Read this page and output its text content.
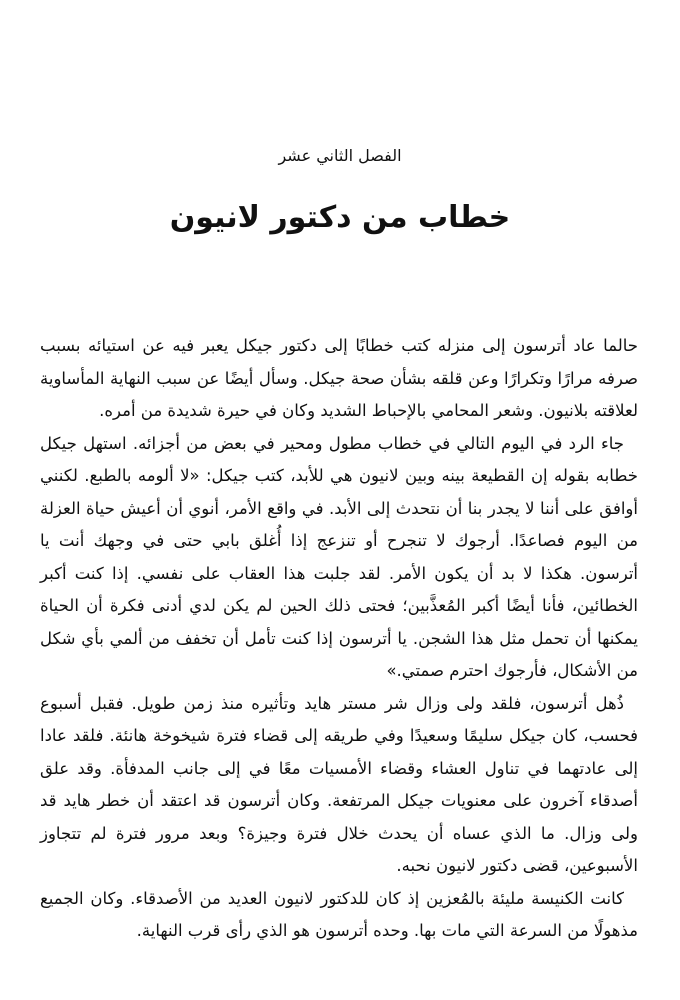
الفصل الثاني عشر
خطاب من دكتور لانيون

حالما عاد أترسون إلى منزله كتب خطابًا إلى دكتور جيكل يعبر فيه عن استيائه بسبب صرفه مرارًا وتكرارًا وعن قلقه بشأن صحة جيكل. وسأل أيضًا عن سبب النهاية المأساوية لعلاقته بلانيون. وشعر المحامي بالإحباط الشديد وكان في حيرة شديدة من أمره.

جاء الرد في اليوم التالي في خطاب مطول ومحير في بعض من أجزائه. استهل جيكل خطابه بقوله إن القطيعة بينه وبين لانيون هي للأبد، كتب جيكل: «لا ألومه بالطبع. لكنني أوافق على أننا لا يجدر بنا أن نتحدث إلى الأبد. في واقع الأمر، أنوي أن أعيش حياة العزلة من اليوم فصاعدًا. أرجوك لا تنجرح أو تنزعج إذا أُغلق بابي حتى في وجهك أنت يا أترسون. هكذا لا بد أن يكون الأمر. لقد جلبت هذا العقاب على نفسي. إذا كنت أكبر الخطائين، فأنا أيضًا أكبر المُعذَّبين؛ فحتى ذلك الحين لم يكن لدي أدنى فكرة أن الحياة يمكنها أن تحمل مثل هذا الشجن. يا أترسون إذا كنت تأمل أن تخفف من ألمي بأي شكل من الأشكال، فأرجوك احترم صمتي.»

ذُهل أترسون، فلقد ولى وزال شر مستر هايد وتأثيره منذ زمن طويل. فقبل أسبوع فحسب، كان جيكل سليمًا وسعيدًا وفي طريقه إلى قضاء فترة شيخوخة هانئة. فلقد عادا إلى عادتهما في تناول العشاء وقضاء الأمسيات معًا في إلى جانب المدفأة. وقد علق أصدقاء آخرون على معنويات جيكل المرتفعة. وكان أترسون قد اعتقد أن خطر هايد قد ولى وزال. ما الذي عساه أن يحدث خلال فترة وجيزة؟ وبعد مرور فترة لم تتجاوز الأسبوعين، قضى دكتور لانيون نحبه.

كانت الكنيسة مليئة بالمُعزين إذ كان للدكتور لانيون العديد من الأصدقاء. وكان الجميع مذهولًا من السرعة التي مات بها. وحده أترسون هو الذي رأى قرب النهاية.
